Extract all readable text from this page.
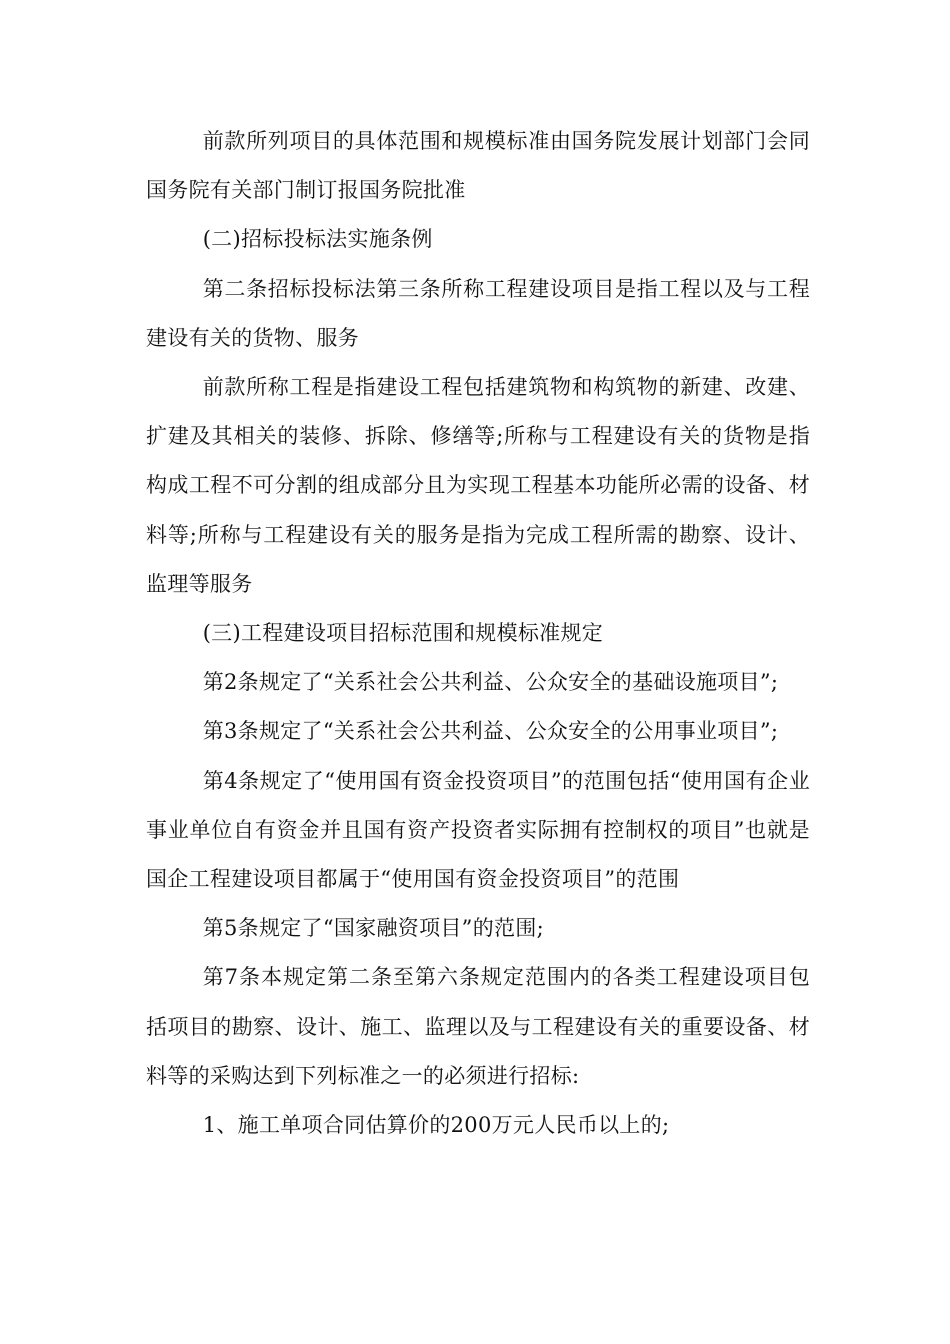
前款所列项目的具体范围和规模标准由国务院发展计划部门会同国务院有关部门制订报国务院批准

(二)招标投标法实施条例

第二条招标投标法第三条所称工程建设项目是指工程以及与工程建设有关的货物、服务

前款所称工程是指建设工程包括建筑物和构筑物的新建、改建、扩建及其相关的装修、拆除、修缮等;所称与工程建设有关的货物是指构成工程不可分割的组成部分且为实现工程基本功能所必需的设备、材料等;所称与工程建设有关的服务是指为完成工程所需的勘察、设计、监理等服务

(三)工程建设项目招标范围和规模标准规定

第2条规定了“关系社会公共利益、公众安全的基础设施项目”;

第3条规定了“关系社会公共利益、公众安全的公用事业项目”;

第4条规定了“使用国有资金投资项目”的范围包括“使用国有企业事业单位自有资金并且国有资产投资者实际拥有控制权的项目”也就是国企工程建设项目都属于“使用国有资金投资项目”的范围

第5条规定了“国家融资项目”的范围;

第7条本规定第二条至第六条规定范围内的各类工程建设项目包括项目的勘察、设计、施工、监理以及与工程建设有关的重要设备、材料等的采购达到下列标准之一的必须进行招标:

1、施工单项合同估算价的200万元人民币以上的;
